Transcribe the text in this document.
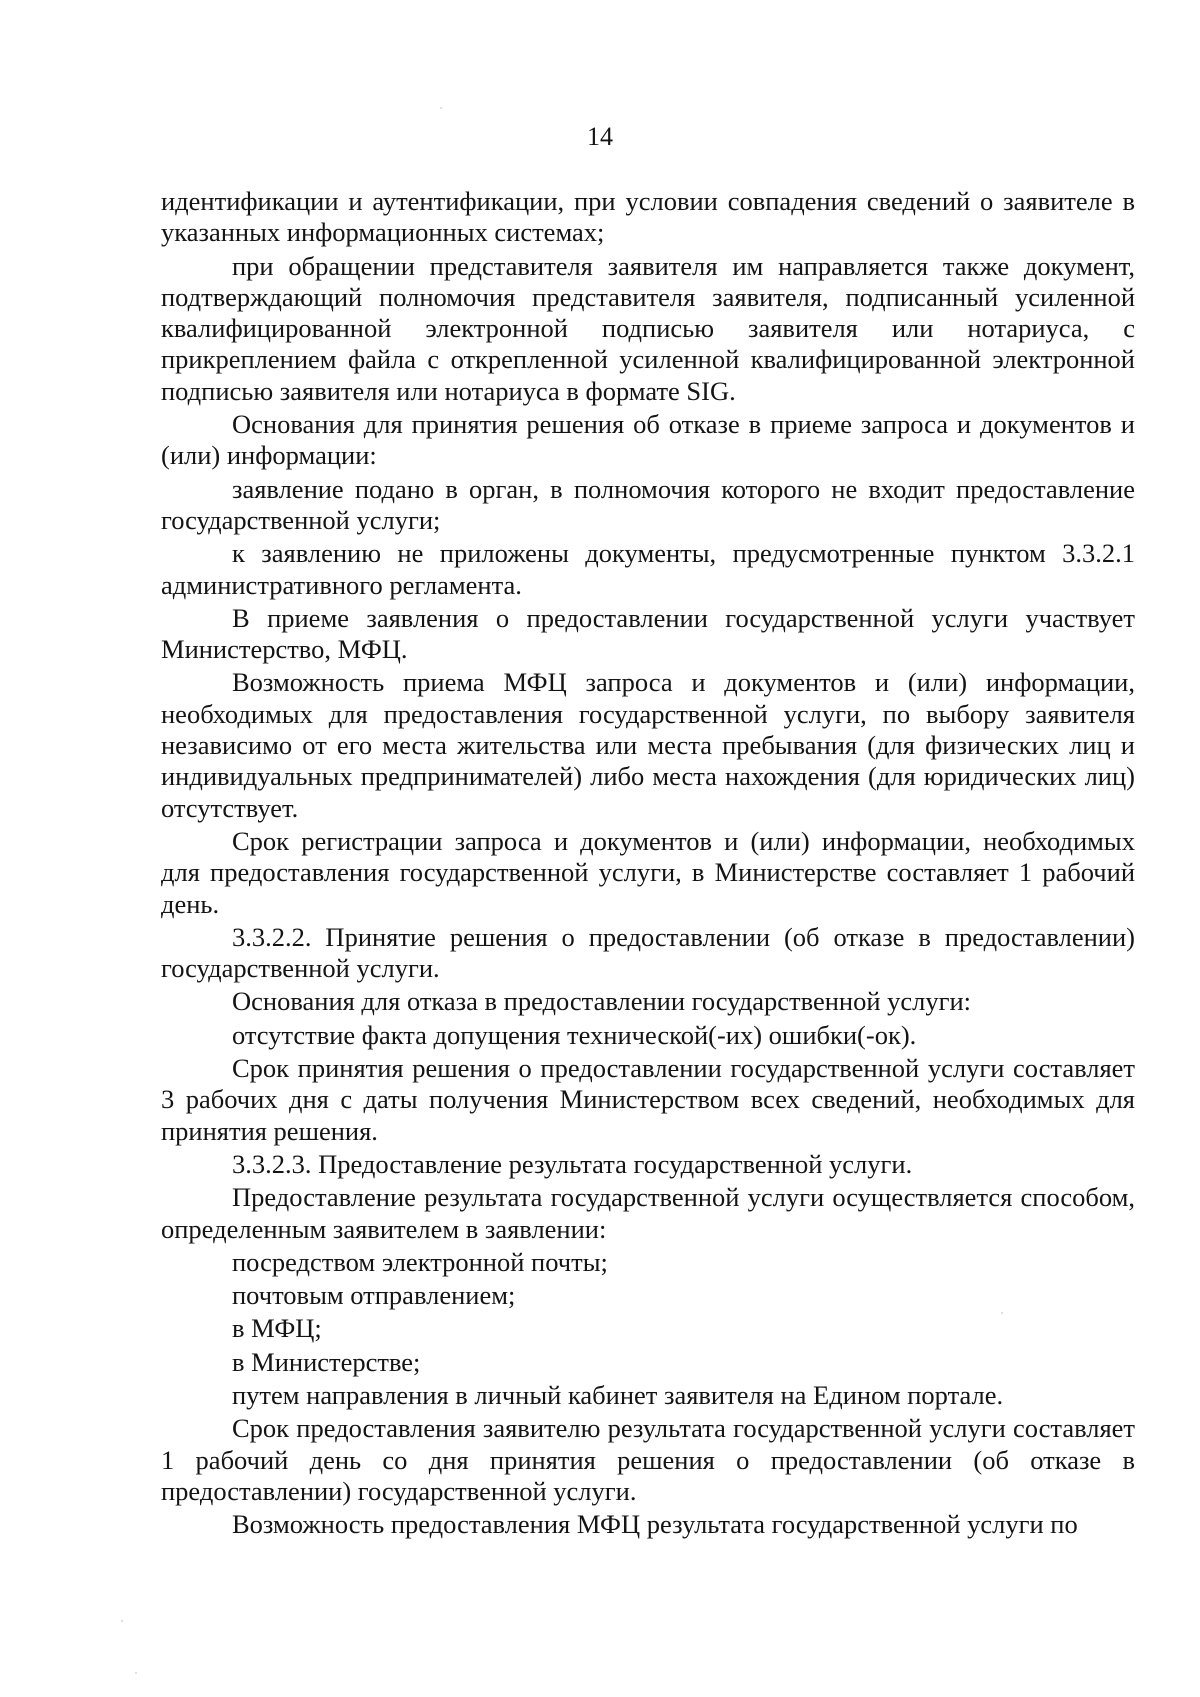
14

идентификации и аутентификации, при условии совпадения сведений о заявителе в указанных информационных системах;

при обращении представителя заявителя им направляется также документ, подтверждающий полномочия представителя заявителя, подписанный усиленной квалифицированной электронной подписью заявителя или нотариуса, с прикреплением файла с открепленной усиленной квалифицированной электронной подписью заявителя или нотариуса в формате SIG.

Основания для принятия решения об отказе в приеме запроса и документов и (или) информации:

заявление подано в орган, в полномочия которого не входит предоставление государственной услуги;

к заявлению не приложены документы, предусмотренные пунктом 3.3.2.1 административного регламента.

В приеме заявления о предоставлении государственной услуги участвует Министерство, МФЦ.

Возможность приема МФЦ запроса и документов и (или) информации, необходимых для предоставления государственной услуги, по выбору заявителя независимо от его места жительства или места пребывания (для физических лиц и индивидуальных предпринимателей) либо места нахождения (для юридических лиц) отсутствует.

Срок регистрации запроса и документов и (или) информации, необходимых для предоставления государственной услуги, в Министерстве составляет 1 рабочий день.

3.3.2.2. Принятие решения о предоставлении (об отказе в предоставлении) государственной услуги.

Основания для отказа в предоставлении государственной услуги:

отсутствие факта допущения технической(-их) ошибки(-ок).

Срок принятия решения о предоставлении государственной услуги составляет 3 рабочих дня с даты получения Министерством всех сведений, необходимых для принятия решения.

3.3.2.3. Предоставление результата государственной услуги.

Предоставление результата государственной услуги осуществляется способом, определенным заявителем в заявлении:

посредством электронной почты;

почтовым отправлением;

в МФЦ;

в Министерстве;

путем направления в личный кабинет заявителя на Едином портале.

Срок предоставления заявителю результата государственной услуги составляет 1 рабочий день со дня принятия решения о предоставлении (об отказе в предоставлении) государственной услуги.

Возможность предоставления МФЦ результата государственной услуги по
